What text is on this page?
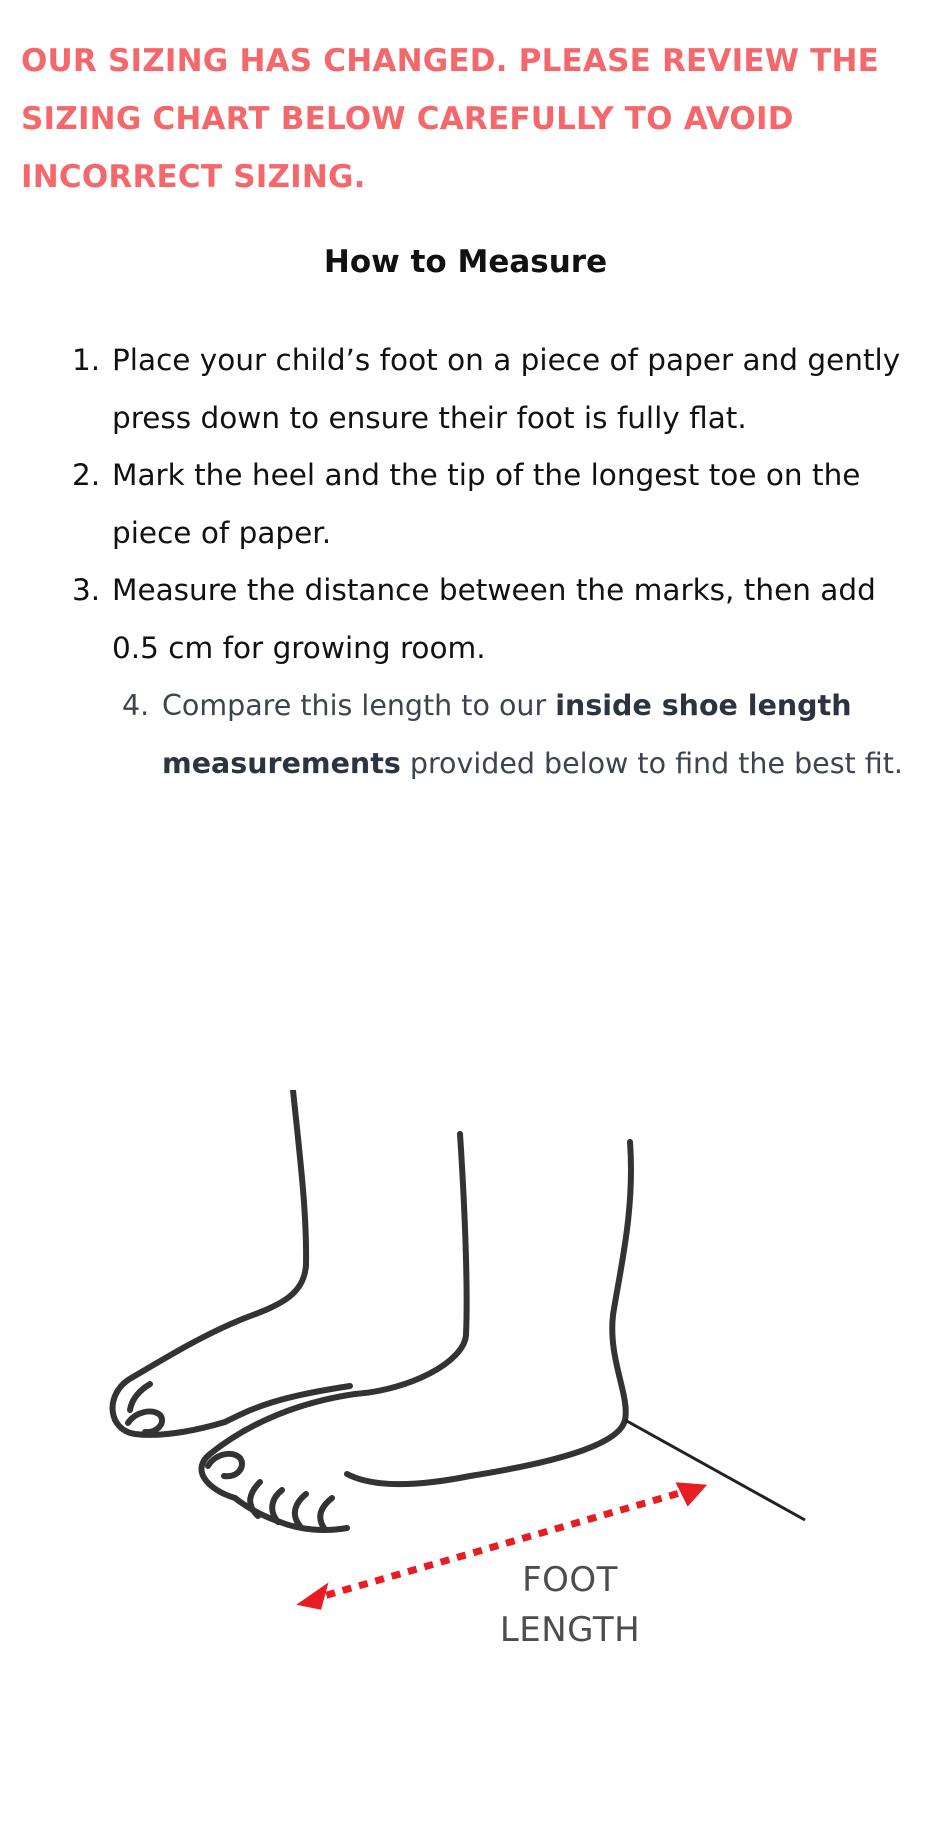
OUR SIZING HAS CHANGED. PLEASE REVIEW THE SIZING CHART BELOW CAREFULLY TO AVOID INCORRECT SIZING.

How to Measure
1. Place your child’s foot on a piece of paper and gently press down to ensure their foot is fully flat.
2. Mark the heel and the tip of the longest toe on the piece of paper.
3. Measure the distance between the marks, then add 0.5 cm for growing room.
4. Compare this length to our inside shoe length measurements provided below to find the best fit.
FOOT
LENGTH
